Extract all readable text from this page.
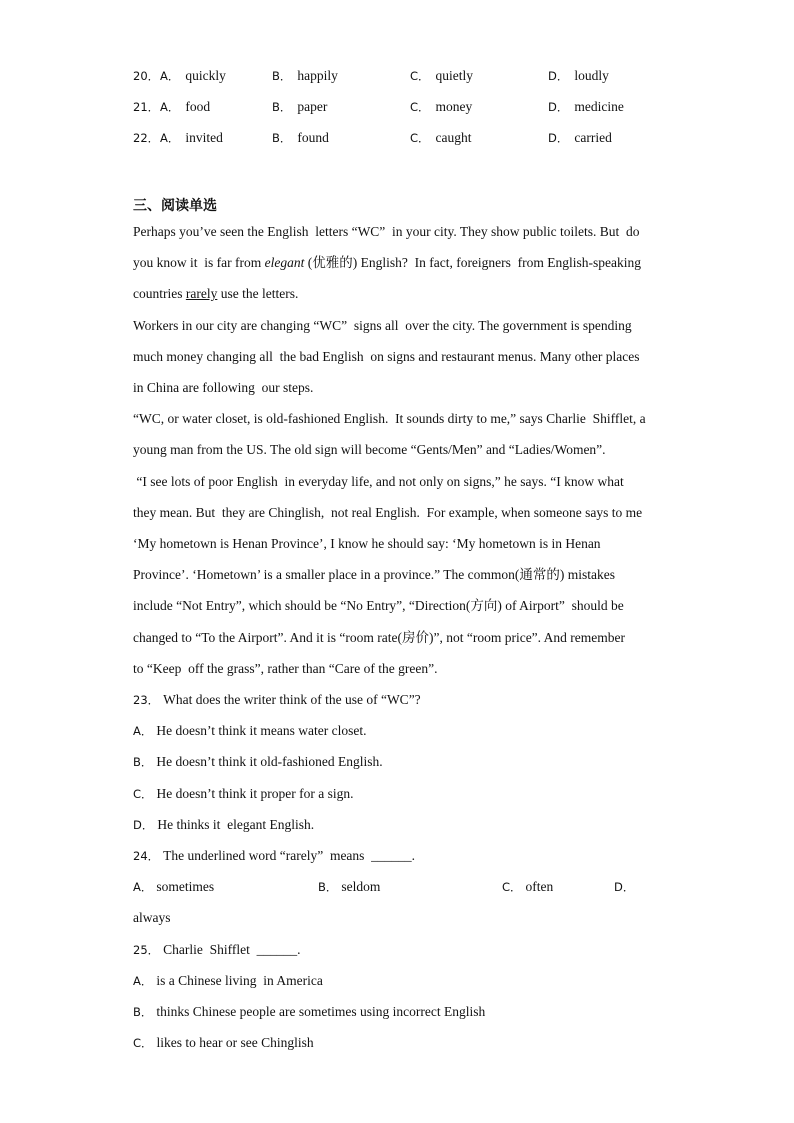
20． A． quickly	B． happily	C． quietly	D． loudly
21． A． food	B． paper	C． money	D． medicine
22． A． invited	B． found	C． caught	D． carried
三、阅读单选
Perhaps you’ve seen the English  letters “WC”  in your city. They show public toilets. But  do
you know it  is far from elegant (优雅的) English?  In fact, foreigners  from English-speaking
countries rarely use the letters.
Workers in our city are changing “WC”  signs all  over the city. The government is spending
much money changing all  the bad English  on signs and restaurant menus. Many other places
in China are following  our steps.
“WC, or water closet, is old-fashioned English.  It sounds dirty to me,” says Charlie  Shifflet, a
young man from the US. The old sign will become “Gents/Men” and “Ladies/Women”.
“I see lots of poor English  in everyday life, and not only on signs,” he says. “I know what
they mean. But  they are Chinglish,  not real English.  For example, when someone says to me
‘My hometown is Henan Province’, I know he should say: ‘My hometown is in Henan
Province’. ‘Hometown’ is a smaller place in a province.” The common(通常的) mistakes
include “Not Entry”, which should be “No Entry”, “Direction(方向) of Airport”  should be
changed to “To the Airport”. And it is “room rate(房价)”, not “room price”. And remember
to “Keep  off the grass”, rather than “Care of the green”.
23． What does the writer think of the use of “WC”?
A． He doesn’t think it means water closet.
B． He doesn’t think it old-fashioned English.
C． He doesn’t think it proper for a sign.
D． He thinks it  elegant English.
24． The underlined word “rarely”  means  ______.
A． sometimes	B． seldom	C． often	D．
always
25． Charlie  Shifflet  ______.
A． is a Chinese living  in America
B． thinks Chinese people are sometimes using incorrect English
C． likes to hear or see Chinglish
